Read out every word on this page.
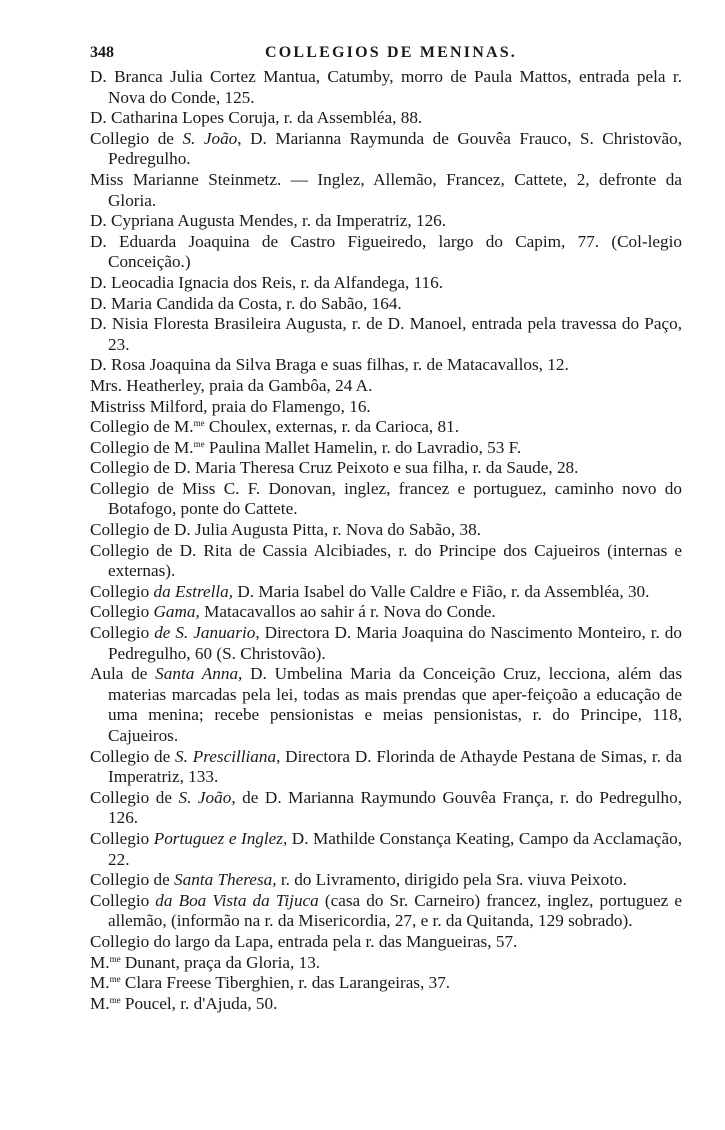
348	COLLEGIOS DE MENINAS.
D. Branca Julia Cortez Mantua, Catumby, morro de Paula Mattos, entrada pela r. Nova do Conde, 125.
D. Catharina Lopes Coruja, r. da Assembléa, 88.
Collegio de S. João, D. Marianna Raymunda de Gouvêa Frauco, S. Christovão, Pedregulho.
Miss Marianne Steinmetz. — Inglez, Allemão, Francez, Cattete, 2, defronte da Gloria.
D. Cypriana Augusta Mendes, r. da Imperatriz, 126.
D. Eduarda Joaquina de Castro Figueiredo, largo do Capim, 77. (Col-legio Conceição.)
D. Leocadia Ignacia dos Reis, r. da Alfandega, 116.
D. Maria Candida da Costa, r. do Sabão, 164.
D. Nisia Floresta Brasileira Augusta, r. de D. Manoel, entrada pela travessa do Paço, 23.
D. Rosa Joaquina da Silva Braga e suas filhas, r. de Matacavallos, 12.
Mrs. Heatherley, praia da Gambôa, 24 A.
Mistriss Milford, praia do Flamengo, 16.
Collegio de M.$^{me}$ Choulex, externas, r. da Carioca, 81.
Collegio de M.$^{me}$ Paulina Mallet Hamelin, r. do Lavradio, 53 F.
Collegio de D. Maria Theresa Cruz Peixoto e sua filha, r. da Saude, 28.
Collegio de Miss C. F. Donovan, inglez, francez e portuguez, caminho novo do Botafogo, ponte do Cattete.
Collegio de D. Julia Augusta Pitta, r. Nova do Sabão, 38.
Collegio de D. Rita de Cassia Alcibiades, r. do Principe dos Cajueiros (internas e externas).
Collegio da Estrella, D. Maria Isabel do Valle Caldre e Fião, r. da Assembléa, 30.
Collegio Gama, Matacavallos ao sahir á r. Nova do Conde.
Collegio de S. Januario, Directora D. Maria Joaquina do Nascimento Monteiro, r. do Pedregulho, 60 (S. Christovão).
Aula de Santa Anna, D. Umbelina Maria da Conceição Cruz, lecciona, além das materias marcadas pela lei, todas as mais prendas que aper-feiçoão a educação de uma menina; recebe pensionistas e meias pensionistas, r. do Principe, 118, Cajueiros.
Collegio de S. Prescilliana, Directora D. Florinda de Athayde Pestana de Simas, r. da Imperatriz, 133.
Collegio de S. João, de D. Marianna Raymundo Gouvêa França, r. do Pedregulho, 126.
Collegio Portuguez e Inglez, D. Mathilde Constança Keating, Campo da Acclamação, 22.
Collegio de Santa Theresa, r. do Livramento, dirigido pela Sra. viuva Peixoto.
Collegio da Boa Vista da Tijuca (casa do Sr. Carneiro) francez, inglez, portuguez e allemão, (informão na r. da Misericordia, 27, e r. da Quitanda, 129 sobrado).
Collegio do largo da Lapa, entrada pela r. das Mangueiras, 57.
M.$^{me}$ Dunant, praça da Gloria, 13.
M.$^{me}$ Clara Freese Tiberghien, r. das Larangeiras, 37.
M.$^{me}$ Poucel, r. d'Ajuda, 50.
